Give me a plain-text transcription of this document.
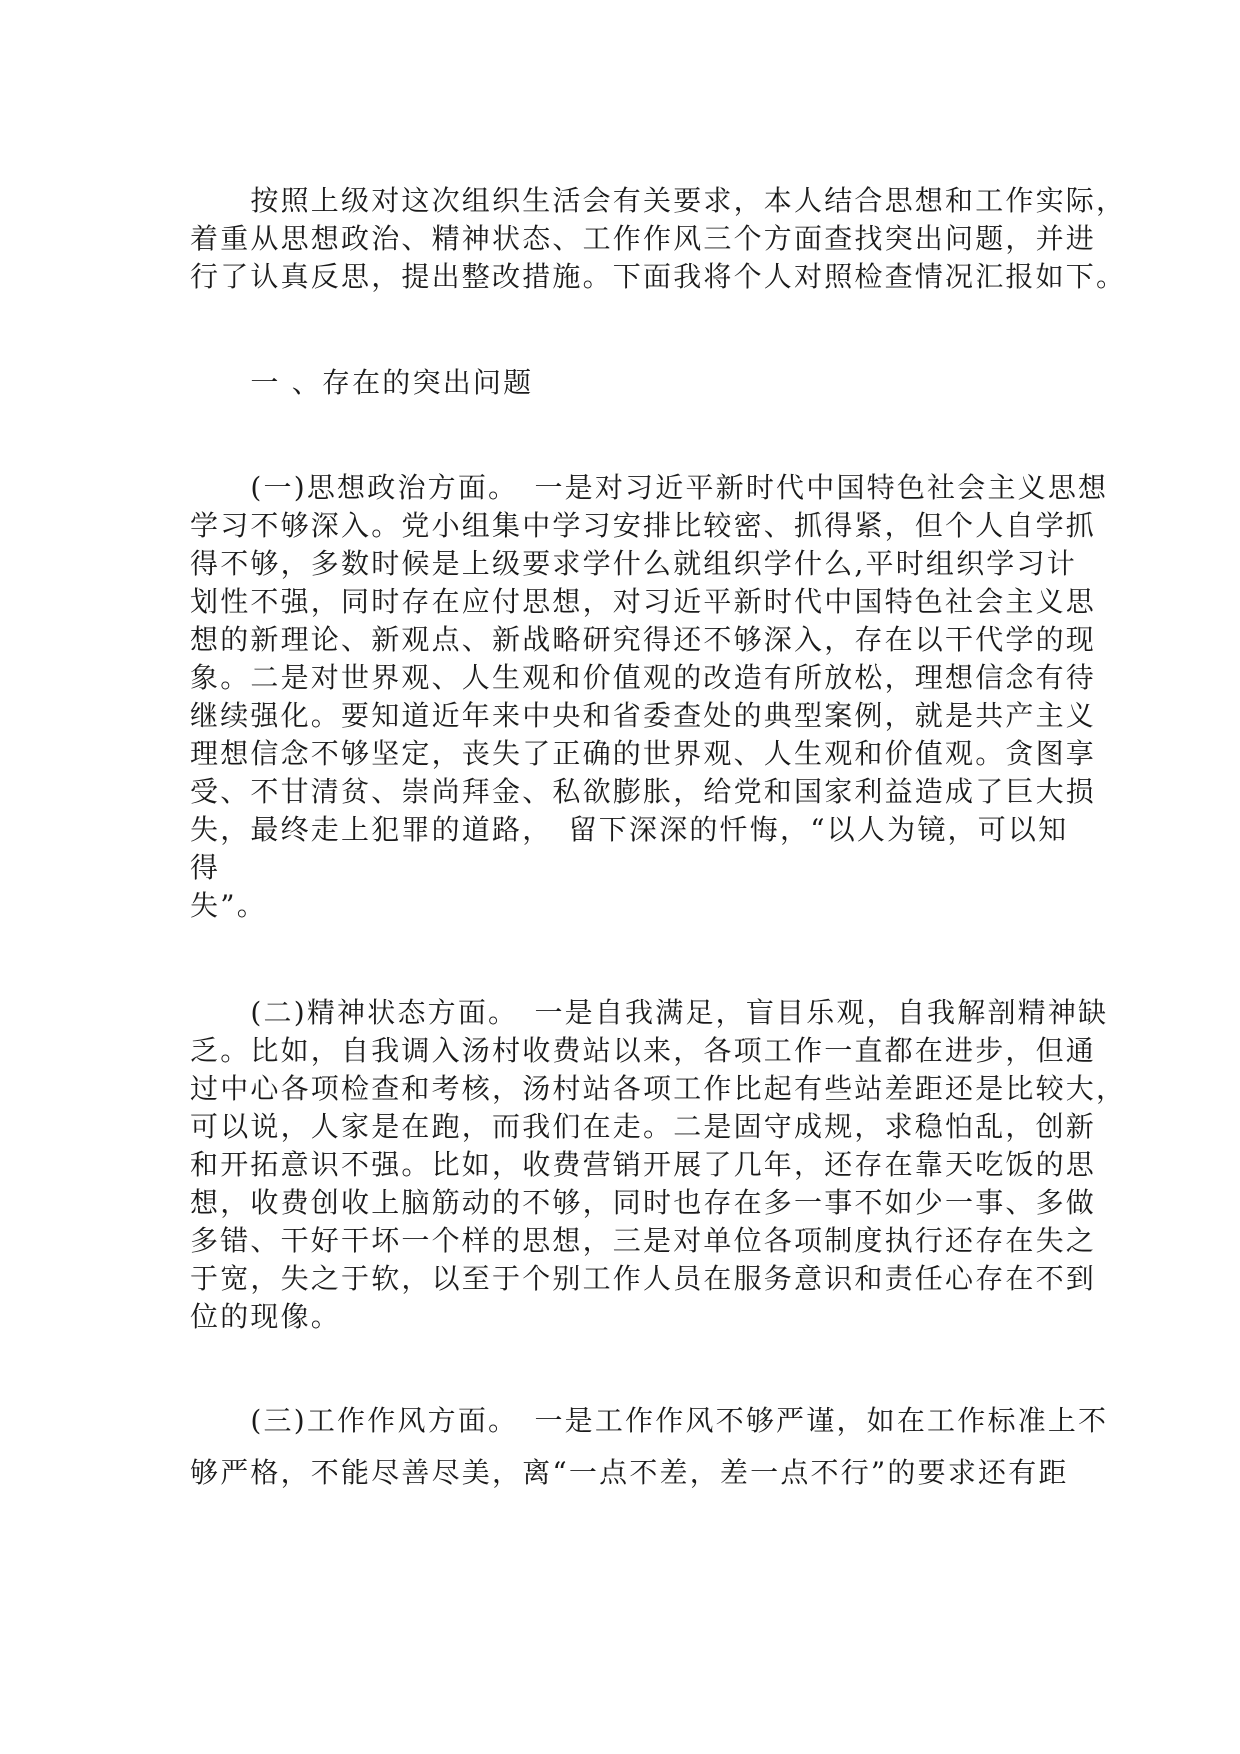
　　按照上级对这次组织生活会有关要求，本人结合思想和工作实际，
着重从思想政治、精神状态、工作作风三个方面查找突出问题，并进
行了认真反思，提出整改措施。下面我将个人对照检查情况汇报如下。
　　一 、存在的突出问题
　　(一)思想政治方面。　一是对习近平新时代中国特色社会主义思想
学习不够深入。党小组集中学习安排比较密、抓得紧，但个人自学抓
得不够，多数时候是上级要求学什么就组织学什么,平时组织学习计
划性不强，同时存在应付思想，对习近平新时代中国特色社会主义思
想的新理论、新观点、新战略研究得还不够深入，存在以干代学的现
象。二是对世界观、人生观和价值观的改造有所放松，理想信念有待
继续强化。要知道近年来中央和省委查处的典型案例，就是共产主义
理想信念不够坚定，丧失了正确的世界观、人生观和价值观。贪图享
受、不甘清贫、崇尚拜金、私欲膨胀，给党和国家利益造成了巨大损
失，最终走上犯罪的道路，　留下深深的忏悔，“以人为镜，可以知
得
失”。
　　(二)精神状态方面。　一是自我满足，盲目乐观，自我解剖精神缺
乏。比如，自我调入汤村收费站以来，各项工作一直都在进步，但通
过中心各项检查和考核，汤村站各项工作比起有些站差距还是比较大，
可以说，人家是在跑，而我们在走。二是固守成规，求稳怕乱，创新
和开拓意识不强。比如，收费营销开展了几年，还存在靠天吃饭的思
想，收费创收上脑筋动的不够，同时也存在多一事不如少一事、多做
多错、干好干坏一个样的思想，三是对单位各项制度执行还存在失之
于宽，失之于软，以至于个别工作人员在服务意识和责任心存在不到
位的现像。
　　(三)工作作风方面。　一是工作作风不够严谨，如在工作标准上不
够严格，不能尽善尽美，离“一点不差，差一点不行”的要求还有距
